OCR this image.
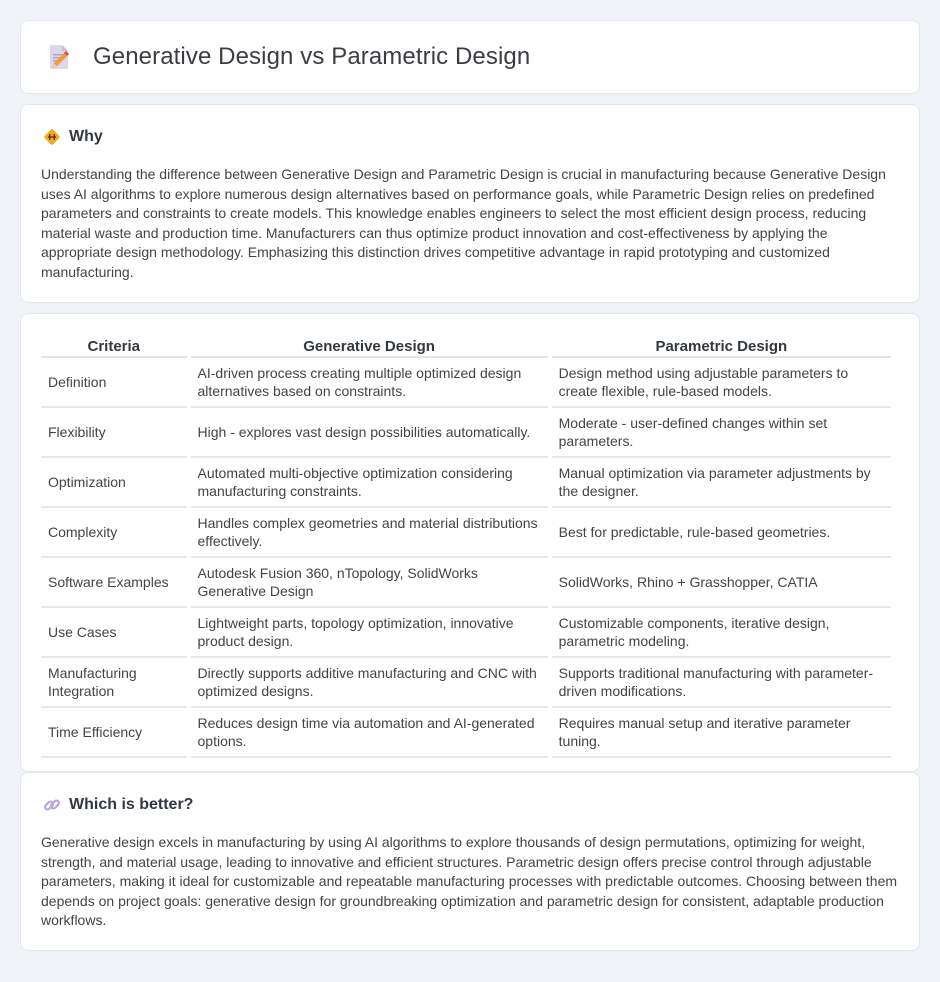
Generative Design vs Parametric Design
Why

Understanding the difference between Generative Design and Parametric Design is crucial in manufacturing because Generative Design uses AI algorithms to explore numerous design alternatives based on performance goals, while Parametric Design relies on predefined parameters and constraints to create models. This knowledge enables engineers to select the most efficient design process, reducing material waste and production time. Manufacturers can thus optimize product innovation and cost-effectiveness by applying the appropriate design methodology. Emphasizing this distinction drives competitive advantage in rapid prototyping and customized manufacturing.

Criteria	Generative Design	Parametric Design
Definition	AI-driven process creating multiple optimized design alternatives based on constraints.	Design method using adjustable parameters to create flexible, rule-based models.
Flexibility	High - explores vast design possibilities automatically.	Moderate - user-defined changes within set parameters.
Optimization	Automated multi-objective optimization considering manufacturing constraints.	Manual optimization via parameter adjustments by the designer.
Complexity	Handles complex geometries and material distributions effectively.	Best for predictable, rule-based geometries.
Software Examples	Autodesk Fusion 360, nTopology, SolidWorks Generative Design	SolidWorks, Rhino + Grasshopper, CATIA
Use Cases	Lightweight parts, topology optimization, innovative product design.	Customizable components, iterative design, parametric modeling.
Manufacturing Integration	Directly supports additive manufacturing and CNC with optimized designs.	Supports traditional manufacturing with parameter-driven modifications.
Time Efficiency	Reduces design time via automation and AI-generated options.	Requires manual setup and iterative parameter tuning.
Which is better?

Generative design excels in manufacturing by using AI algorithms to explore thousands of design permutations, optimizing for weight, strength, and material usage, leading to innovative and efficient structures. Parametric design offers precise control through adjustable parameters, making it ideal for customizable and repeatable manufacturing processes with predictable outcomes. Choosing between them depends on project goals: generative design for groundbreaking optimization and parametric design for consistent, adaptable production workflows.
